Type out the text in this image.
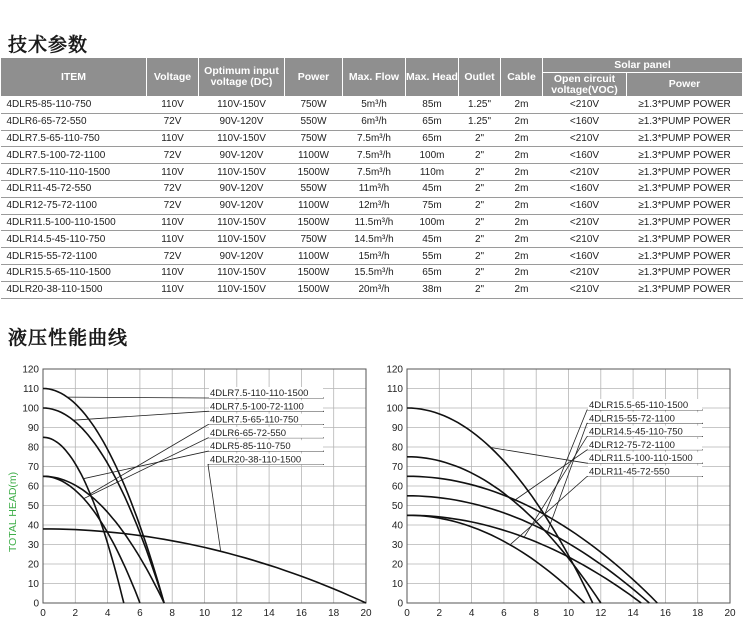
技术参数
ITEM	Voltage	Optimum input voltage (DC)	Power	Max. Flow	Max. Head	Outlet	Cable	Solar panel	
								Open circuit voltage(VOC)	Power
4DLR5-85-110-750	110V	110V-150V	750W	5m³/h	85m	1.25"	2m	<210V	≥1.3*PUMP POWER
4DLR6-65-72-550	72V	90V-120V	550W	6m³/h	65m	1.25"	2m	<160V	≥1.3*PUMP POWER
4DLR7.5-65-110-750	110V	110V-150V	750W	7.5m³/h	65m	2"	2m	<210V	≥1.3*PUMP POWER
4DLR7.5-100-72-1100	72V	90V-120V	1100W	7.5m³/h	100m	2"	2m	<160V	≥1.3*PUMP POWER
4DLR7.5-110-110-1500	110V	110V-150V	1500W	7.5m³/h	110m	2"	2m	<210V	≥1.3*PUMP POWER
4DLR11-45-72-550	72V	90V-120V	550W	11m³/h	45m	2"	2m	<160V	≥1.3*PUMP POWER
4DLR12-75-72-1100	72V	90V-120V	1100W	12m³/h	75m	2"	2m	<160V	≥1.3*PUMP POWER
4DLR11.5-100-110-1500	110V	110V-150V	1500W	11.5m³/h	100m	2"	2m	<210V	≥1.3*PUMP POWER
4DLR14.5-45-110-750	110V	110V-150V	750W	14.5m³/h	45m	2"	2m	<210V	≥1.3*PUMP POWER
4DLR15-55-72-1100	72V	90V-120V	1100W	15m³/h	55m	2"	2m	<160V	≥1.3*PUMP POWER
4DLR15.5-65-110-1500	110V	110V-150V	1500W	15.5m³/h	65m	2"	2m	<210V	≥1.3*PUMP POWER
4DLR20-38-110-1500	110V	110V-150V	1500W	20m³/h	38m	2"	2m	<210V	≥1.3*PUMP POWER
液压性能曲线
0	2	4	6	8 10 12 14 16 18 20
0
10
20
30
40
50
60
70
80
90
100
110
120
TOTAL HEAD(m)
4DLR7.5-110-110-1500
4DLR7.5-100-72-1100
4DLR7.5-65-110-750
4DLR6-65-72-550
4DLR5-85-110-750
4DLR20-38-110-1500
0	2	4	6	8 10 12 14 16 18 20
0
10
20
30
40
50
60
70
80
90
100
110
120
4DLR15.5-65-110-1500
4DLR15-55-72-1100
4DLR14.5-45-110-750
4DLR12-75-72-1100
4DLR11.5-100-110-1500
4DLR11-45-72-550
